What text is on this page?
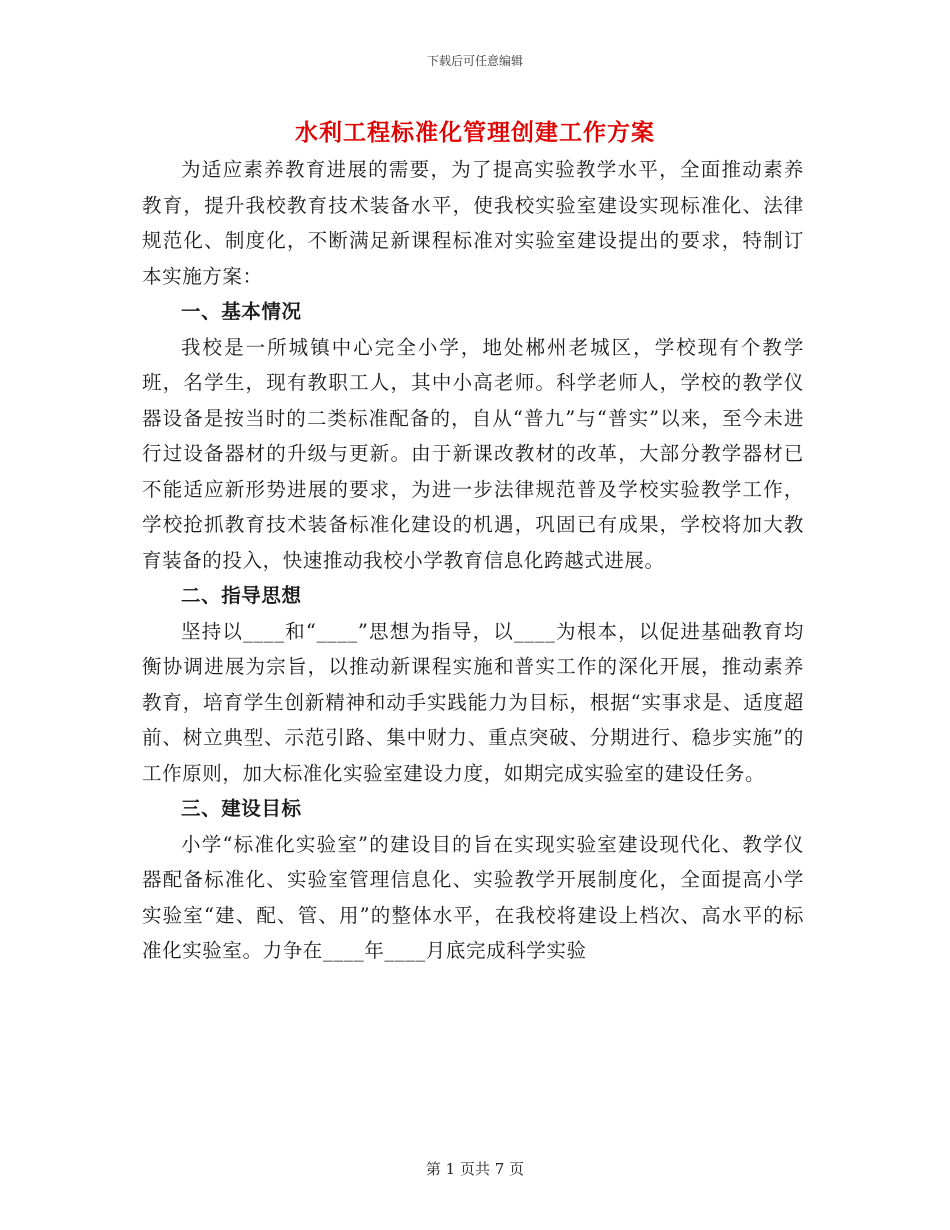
下载后可任意编辑
水利工程标准化管理创建工作方案

为适应素养教育进展的需要，为了提高实验教学水平，全面推动素养教育，提升我校教育技术装备水平，使我校实验室建设实现标准化、法律规范化、制度化，不断满足新课程标准对实验室建设提出的要求，特制订本实施方案：

一、基本情况

我校是一所城镇中心完全小学，地处郴州老城区，学校现有个教学班，名学生，现有教职工人，其中小高老师。科学老师人，学校的教学仪器设备是按当时的二类标准配备的，自从“普九”与“普实”以来，至今未进行过设备器材的升级与更新。由于新课改教材的改革，大部分教学器材已不能适应新形势进展的要求，为进一步法律规范普及学校实验教学工作，学校抢抓教育技术装备标准化建设的机遇，巩固已有成果，学校将加大教育装备的投入，快速推动我校小学教育信息化跨越式进展。

二、指导思想

坚持以____和“____”思想为指导，以____为根本，以促进基础教育均衡协调进展为宗旨，以推动新课程实施和普实工作的深化开展，推动素养教育，培育学生创新精神和动手实践能力为目标，根据“实事求是、适度超前、树立典型、示范引路、集中财力、重点突破、分期进行、稳步实施”的工作原则，加大标准化实验室建设力度，如期完成实验室的建设任务。

三、建设目标

小学“标准化实验室”的建设目的旨在实现实验室建设现代化、教学仪器配备标准化、实验室管理信息化、实验教学开展制度化，全面提高小学实验室“建、配、管、用”的整体水平，在我校将建设上档次、高水平的标准化实验室。力争在____年____月底完成科学实验

第 1 页共 7 页
